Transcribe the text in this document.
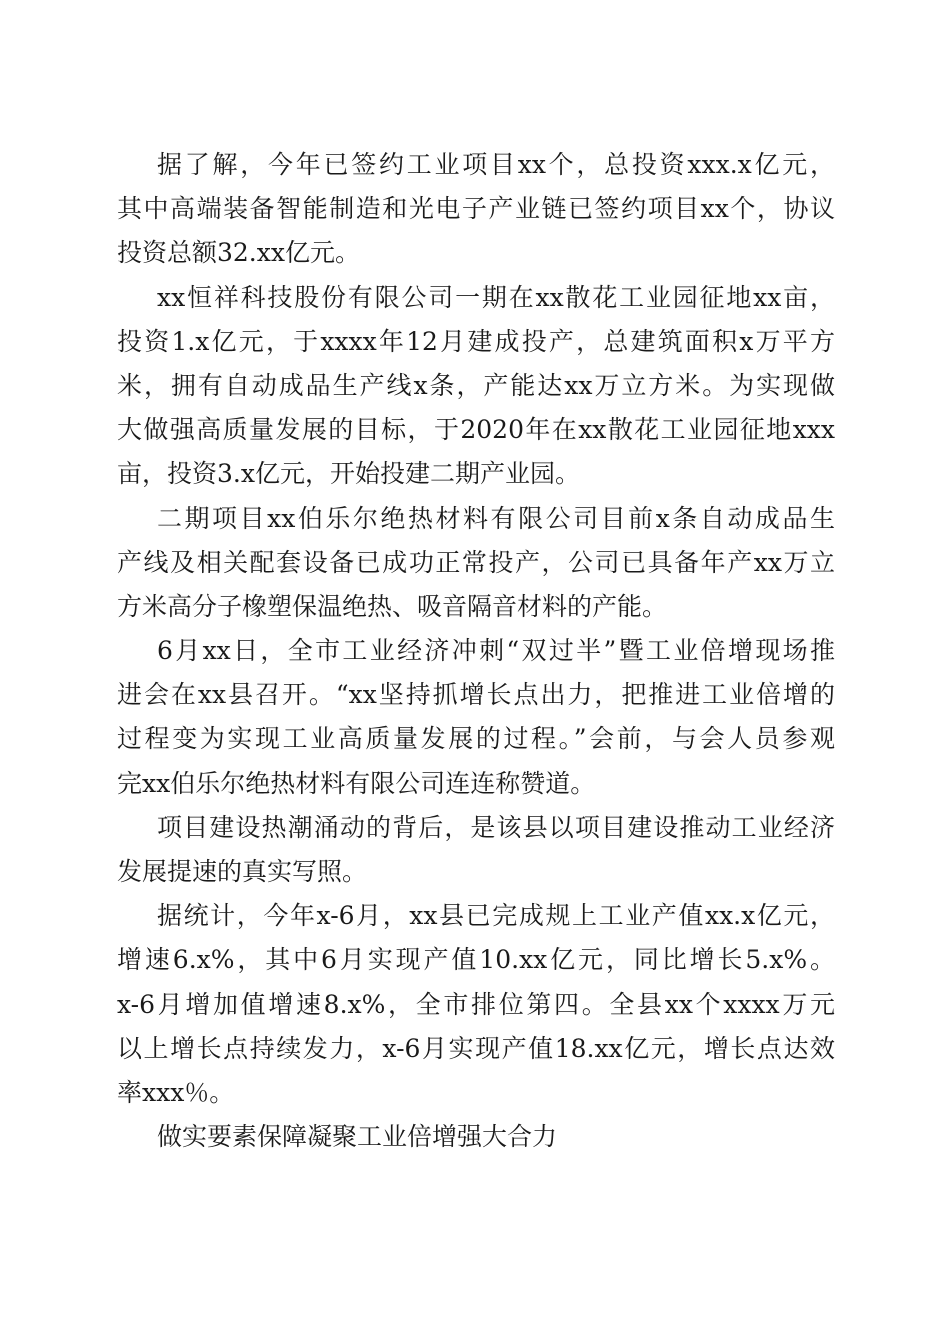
据了解，今年已签约工业项目xx个，总投资xxx.x亿元，
其中高端装备智能制造和光电子产业链已签约项目xx个，协议
投资总额32.xx亿元。
xx恒祥科技股份有限公司一期在xx散花工业园征地xx亩，
投资1.x亿元，于xxxx年12月建成投产，总建筑面积x万平方
米，拥有自动成品生产线x条，产能达xx万立方米。为实现做
大做强高质量发展的目标，于2020年在xx散花工业园征地xxx
亩，投资3.x亿元，开始投建二期产业园。
二期项目xx伯乐尔绝热材料有限公司目前x条自动成品生
产线及相关配套设备已成功正常投产，公司已具备年产xx万立
方米高分子橡塑保温绝热、吸音隔音材料的产能。
6月xx日，全市工业经济冲刺“双过半”暨工业倍增现场推
进会在xx县召开。“xx坚持抓增长点出力，把推进工业倍增的
过程变为实现工业高质量发展的过程。”会前，与会人员参观
完xx伯乐尔绝热材料有限公司连连称赞道。
项目建设热潮涌动的背后，是该县以项目建设推动工业经济
发展提速的真实写照。
据统计，今年x-6月，xx县已完成规上工业产值xx.x亿元，
增速6.x%，其中6月实现产值10.xx亿元，同比增长5.x%。
x-6月增加值增速8.x%，全市排位第四。全县xx个xxxx万元
以上增长点持续发力，x-6月实现产值18.xx亿元，增长点达效
率xxx％。
做实要素保障凝聚工业倍增强大合力
